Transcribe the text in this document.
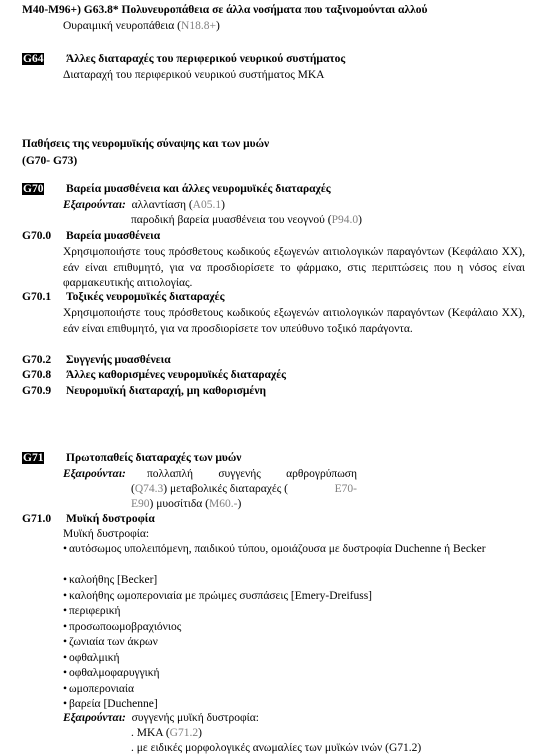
M40-M96+) G63.8* Πολυνευροπάθεια σε άλλα νοσήματα που ταξινομούνται αλλού
Ουραιμική νευροπάθεια (N18.8+)
G64 Άλλες διαταραχές του περιφερικού νευρικού συστήματος
Διαταραχή του περιφερικού νευρικού συστήματος ΜΚΑ
Παθήσεις της νευρομυϊκής σύναψης και των μυών
(G70- G73)
G70 Βαρεία μυασθένεια και άλλες νευρομυϊκές διαταραχές
Εξαιρούνται: αλλαντίαση (A05.1)
παροδική βαρεία μυασθένεια του νεογνού (P94.0)
G70.0 Βαρεία μυασθένεια
Χρησιμοποιήστε τους πρόσθετους κωδικούς εξωγενών αιτιολογικών παραγόντων (Κεφάλαιο XX), εάν είναι επιθυμητό, για να προσδιορίσετε το φάρμακο, στις περιπτώσεις που η νόσος είναι φαρμακευτικής αιτιολογίας.
G70.1 Τοξικές νευρομυϊκές διαταραχές
Χρησιμοποιήστε τους πρόσθετους κωδικούς εξωγενών αιτιολογικών παραγόντων (Κεφάλαιο XX), εάν είναι επιθυμητό, για να προσδιορίσετε τον υπεύθυνο τοξικό παράγοντα.
G70.2 Συγγενής μυασθένεια
G70.8 Άλλες καθορισμένες νευρομυϊκές διαταραχές
G70.9 Νευρομυϊκή διαταραχή, μη καθορισμένη
G71 Πρωτοπαθείς διαταραχές των μυών
Εξαιρούνται: πολλαπλή συγγενής αρθρογρύπωση
(Q74.3) μεταβολικές διαταραχές (	E70-
E90) μυοσίτιδα (M60.-)
G71.0 Μυϊκή δυστροφία
Μυϊκή δυστροφία:
• αυτόσωμος υπολειπόμενη, παιδικού τύπου, ομοιάζουσα με δυστροφία Duchenne ή Becker
• καλοήθης [Becker]
• καλοήθης ωμοπερονιαία με πρώιμες συσπάσεις [Emery-Dreifuss]
• περιφερική
• προσωποωμοβραχιόνιος
• ζωνιαία των άκρων
• οφθαλμική
• οφθαλμοφαρυγγική
• ωμοπερονιαία
• βαρεία [Duchenne]
Εξαιρούνται: συγγενής μυϊκή δυστροφία:
. ΜΚΑ (G71.2)
. με ειδικές μορφολογικές ανωμαλίες των μυϊκών ινών (G71.2)
